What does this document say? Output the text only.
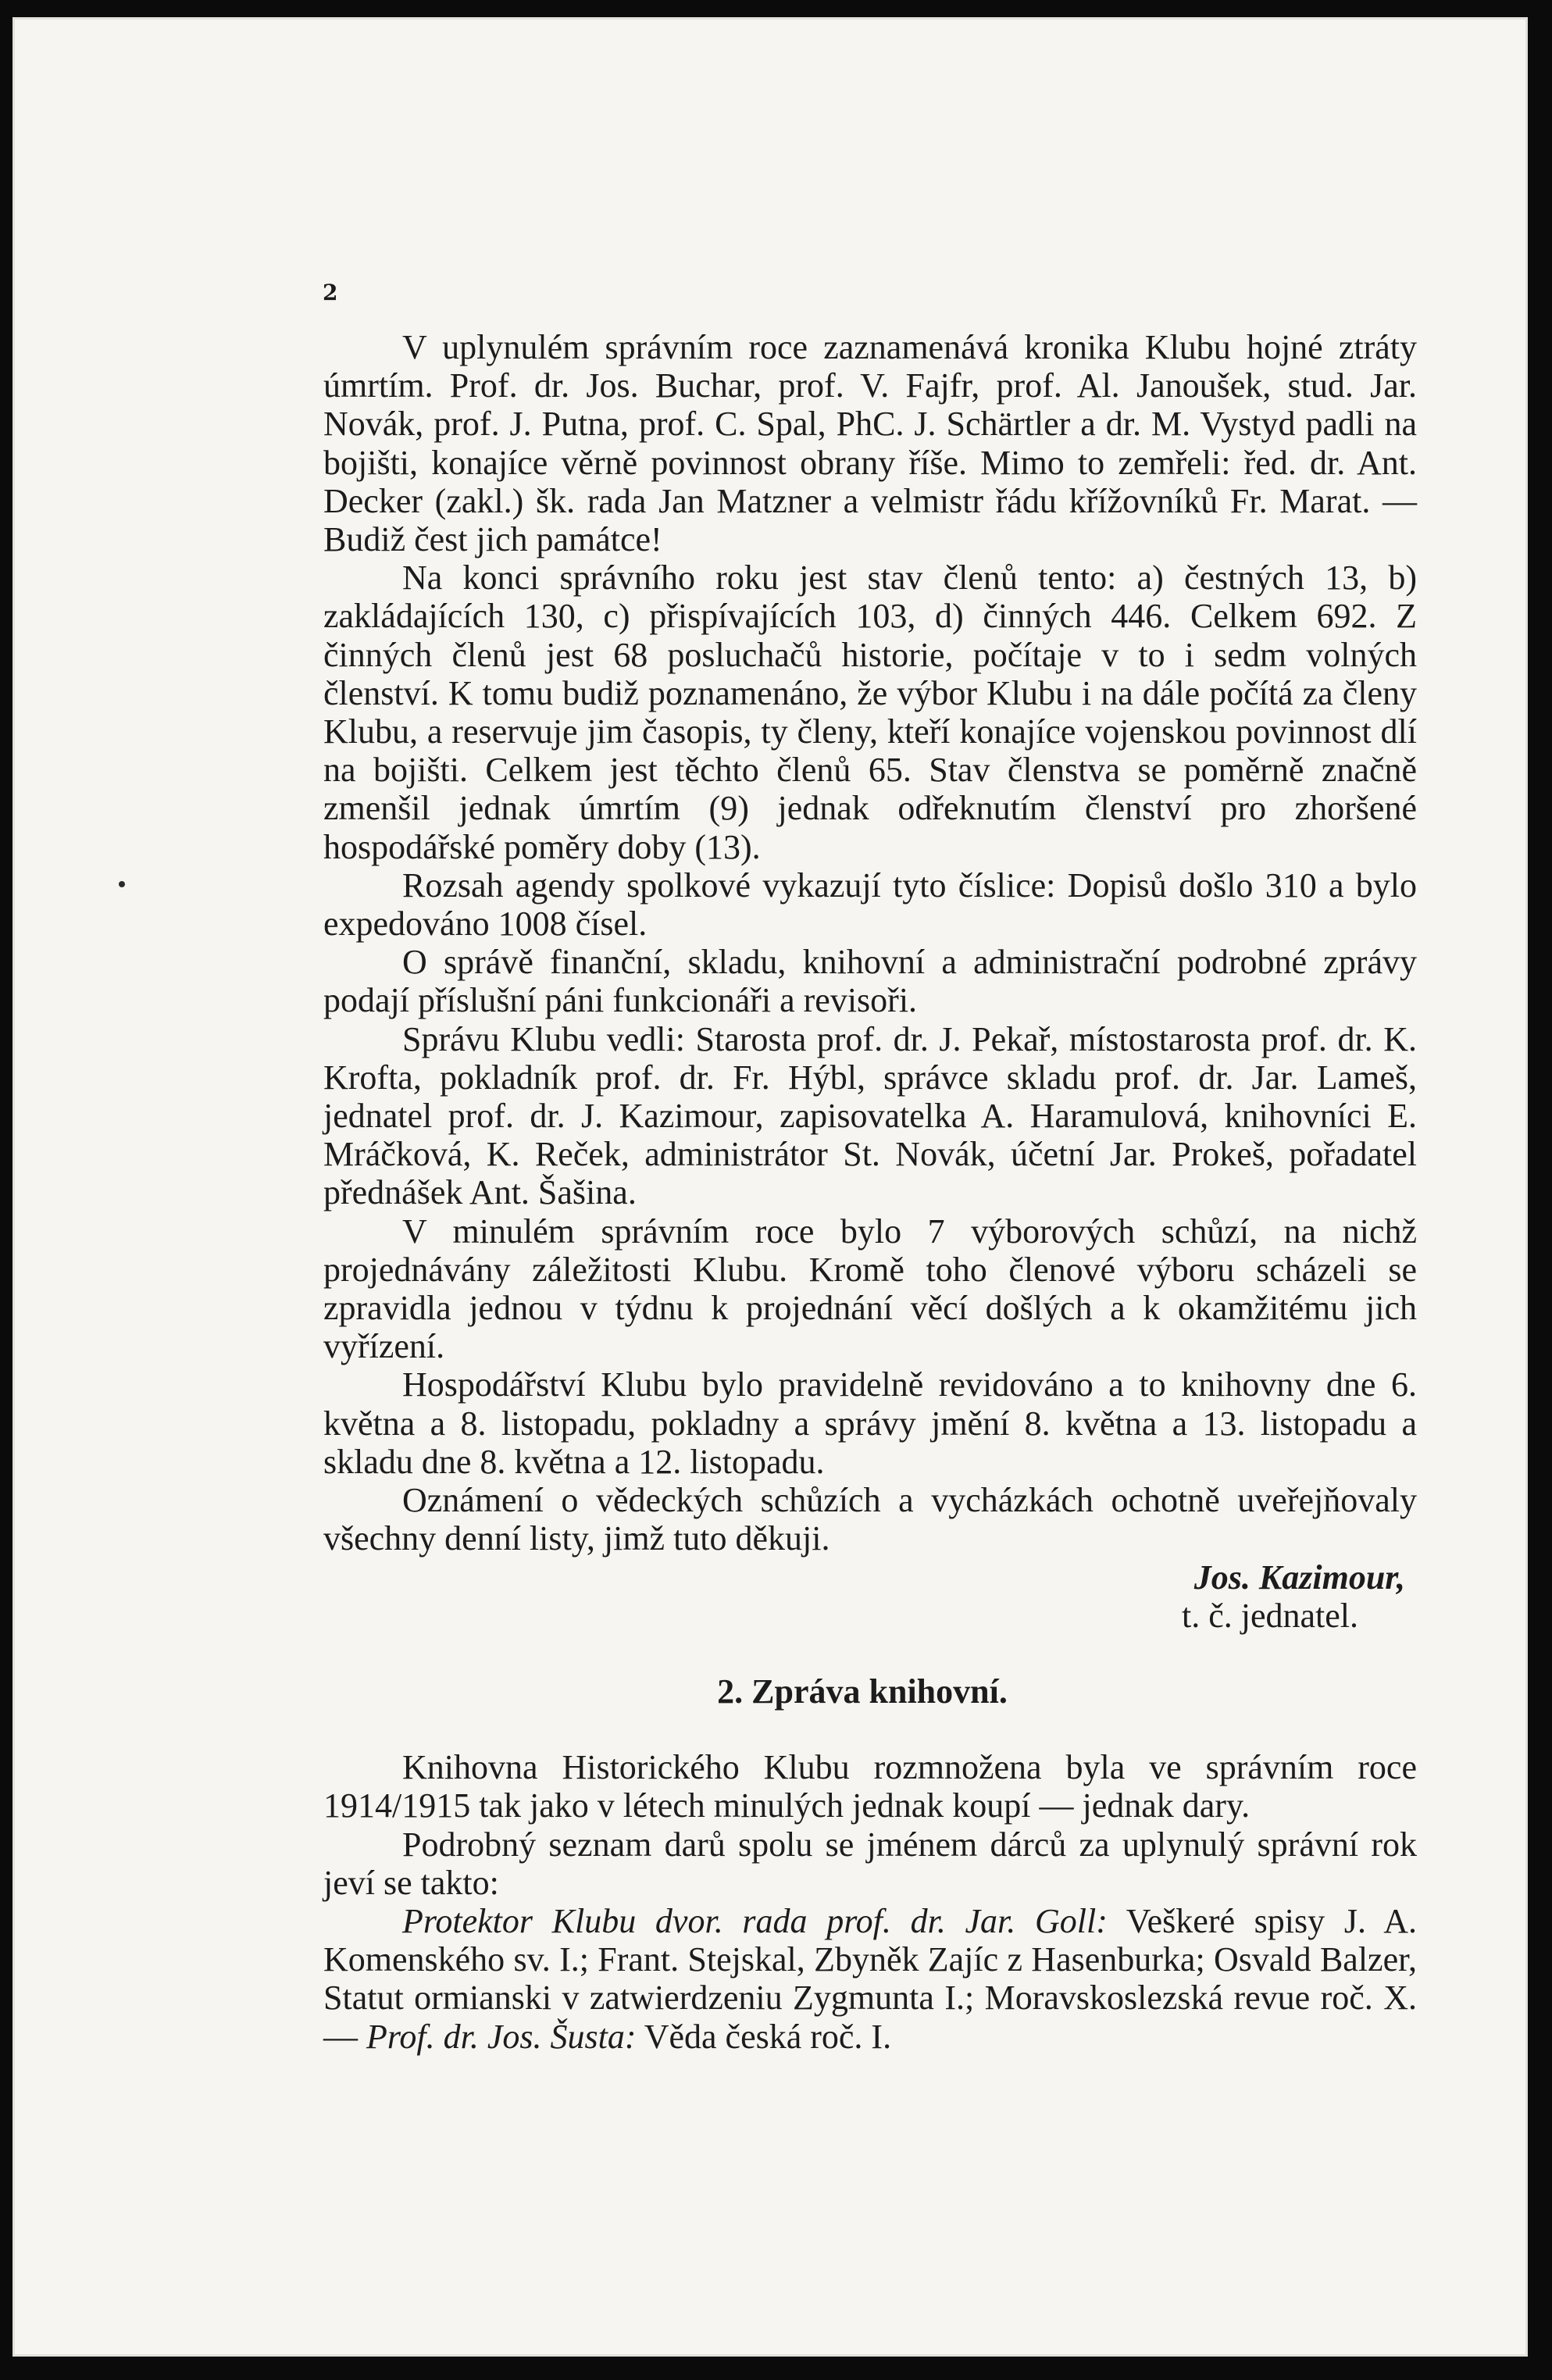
2

V uplynulém správním roce zaznamenává kronika Klubu hojné ztráty úmrtím. Prof. dr. Jos. Buchar, prof. V. Fajfr, prof. Al. Janoušek, stud. Jar. Novák, prof. J. Putna, prof. C. Spal, PhC. J. Schärtler a dr. M. Vystyd padli na bojišti, konajíce věrně povinnost obrany říše. Mimo to zemřeli: řed. dr. Ant. Decker (zakl.) šk. rada Jan Matzner a velmistr řádu křížovníků Fr. Marat. — Budiž čest jich památce!

Na konci správního roku jest stav členů tento: a) čestných 13, b) zakládajících 130, c) přispívajících 103, d) činných 446. Celkem 692. Z činných členů jest 68 posluchačů historie, počítaje v to i sedm volných členství. K tomu budiž poznamenáno, že výbor Klubu i na dále počítá za členy Klubu, a reservuje jim časopis, ty členy, kteří konajíce vojenskou povinnost dlí na bojišti. Celkem jest těchto členů 65. Stav členstva se poměrně značně zmenšil jednak úmrtím (9) jednak odřeknutím členství pro zhoršené hospodářské poměry doby (13).

Rozsah agendy spolkové vykazují tyto číslice: Dopisů došlo 310 a bylo expedováno 1008 čísel.

O správě finanční, skladu, knihovní a administrační podrobné zprávy podají příslušní páni funkcionáři a revisoři.

Správu Klubu vedli: Starosta prof. dr. J. Pekař, místostarosta prof. dr. K. Krofta, pokladník prof. dr. Fr. Hýbl, správce skladu prof. dr. Jar. Lameš, jednatel prof. dr. J. Kazimour, zapisovatelka A. Haramulová, knihovníci E. Mráčková, K. Reček, administrátor St. Novák, účetní Jar. Prokeš, pořadatel přednášek Ant. Šašina.

V minulém správním roce bylo 7 výborových schůzí, na nichž projednávány záležitosti Klubu. Kromě toho členové výboru scházeli se zpravidla jednou v týdnu k projednání věcí došlých a k okamžitému jich vyřízení.

Hospodářství Klubu bylo pravidelně revidováno a to knihovny dne 6. května a 8. listopadu, pokladny a správy jmění 8. května a 13. listopadu a skladu dne 8. května a 12. listopadu.

Oznámení o vědeckých schůzích a vycházkách ochotně uveřejňovaly všechny denní listy, jimž tuto děkuji.

Jos. Kazimour,
t. č. jednatel.
2. Zpráva knihovní.

Knihovna Historického Klubu rozmnožena byla ve správním roce 1914/1915 tak jako v létech minulých jednak koupí — jednak dary.

Podrobný seznam darů spolu se jménem dárců za uplynulý správní rok jeví se takto:

Protektor Klubu dvor. rada prof. dr. Jar. Goll: Veškeré spisy J. A. Komenského sv. I.; Frant. Stejskal, Zbyněk Zajíc z Hasenburka; Osvald Balzer, Statut ormianski v zatwierdzeniu Zygmunta I.; Moravskoslezská revue roč. X. — Prof. dr. Jos. Šusta: Věda česká roč. I.
